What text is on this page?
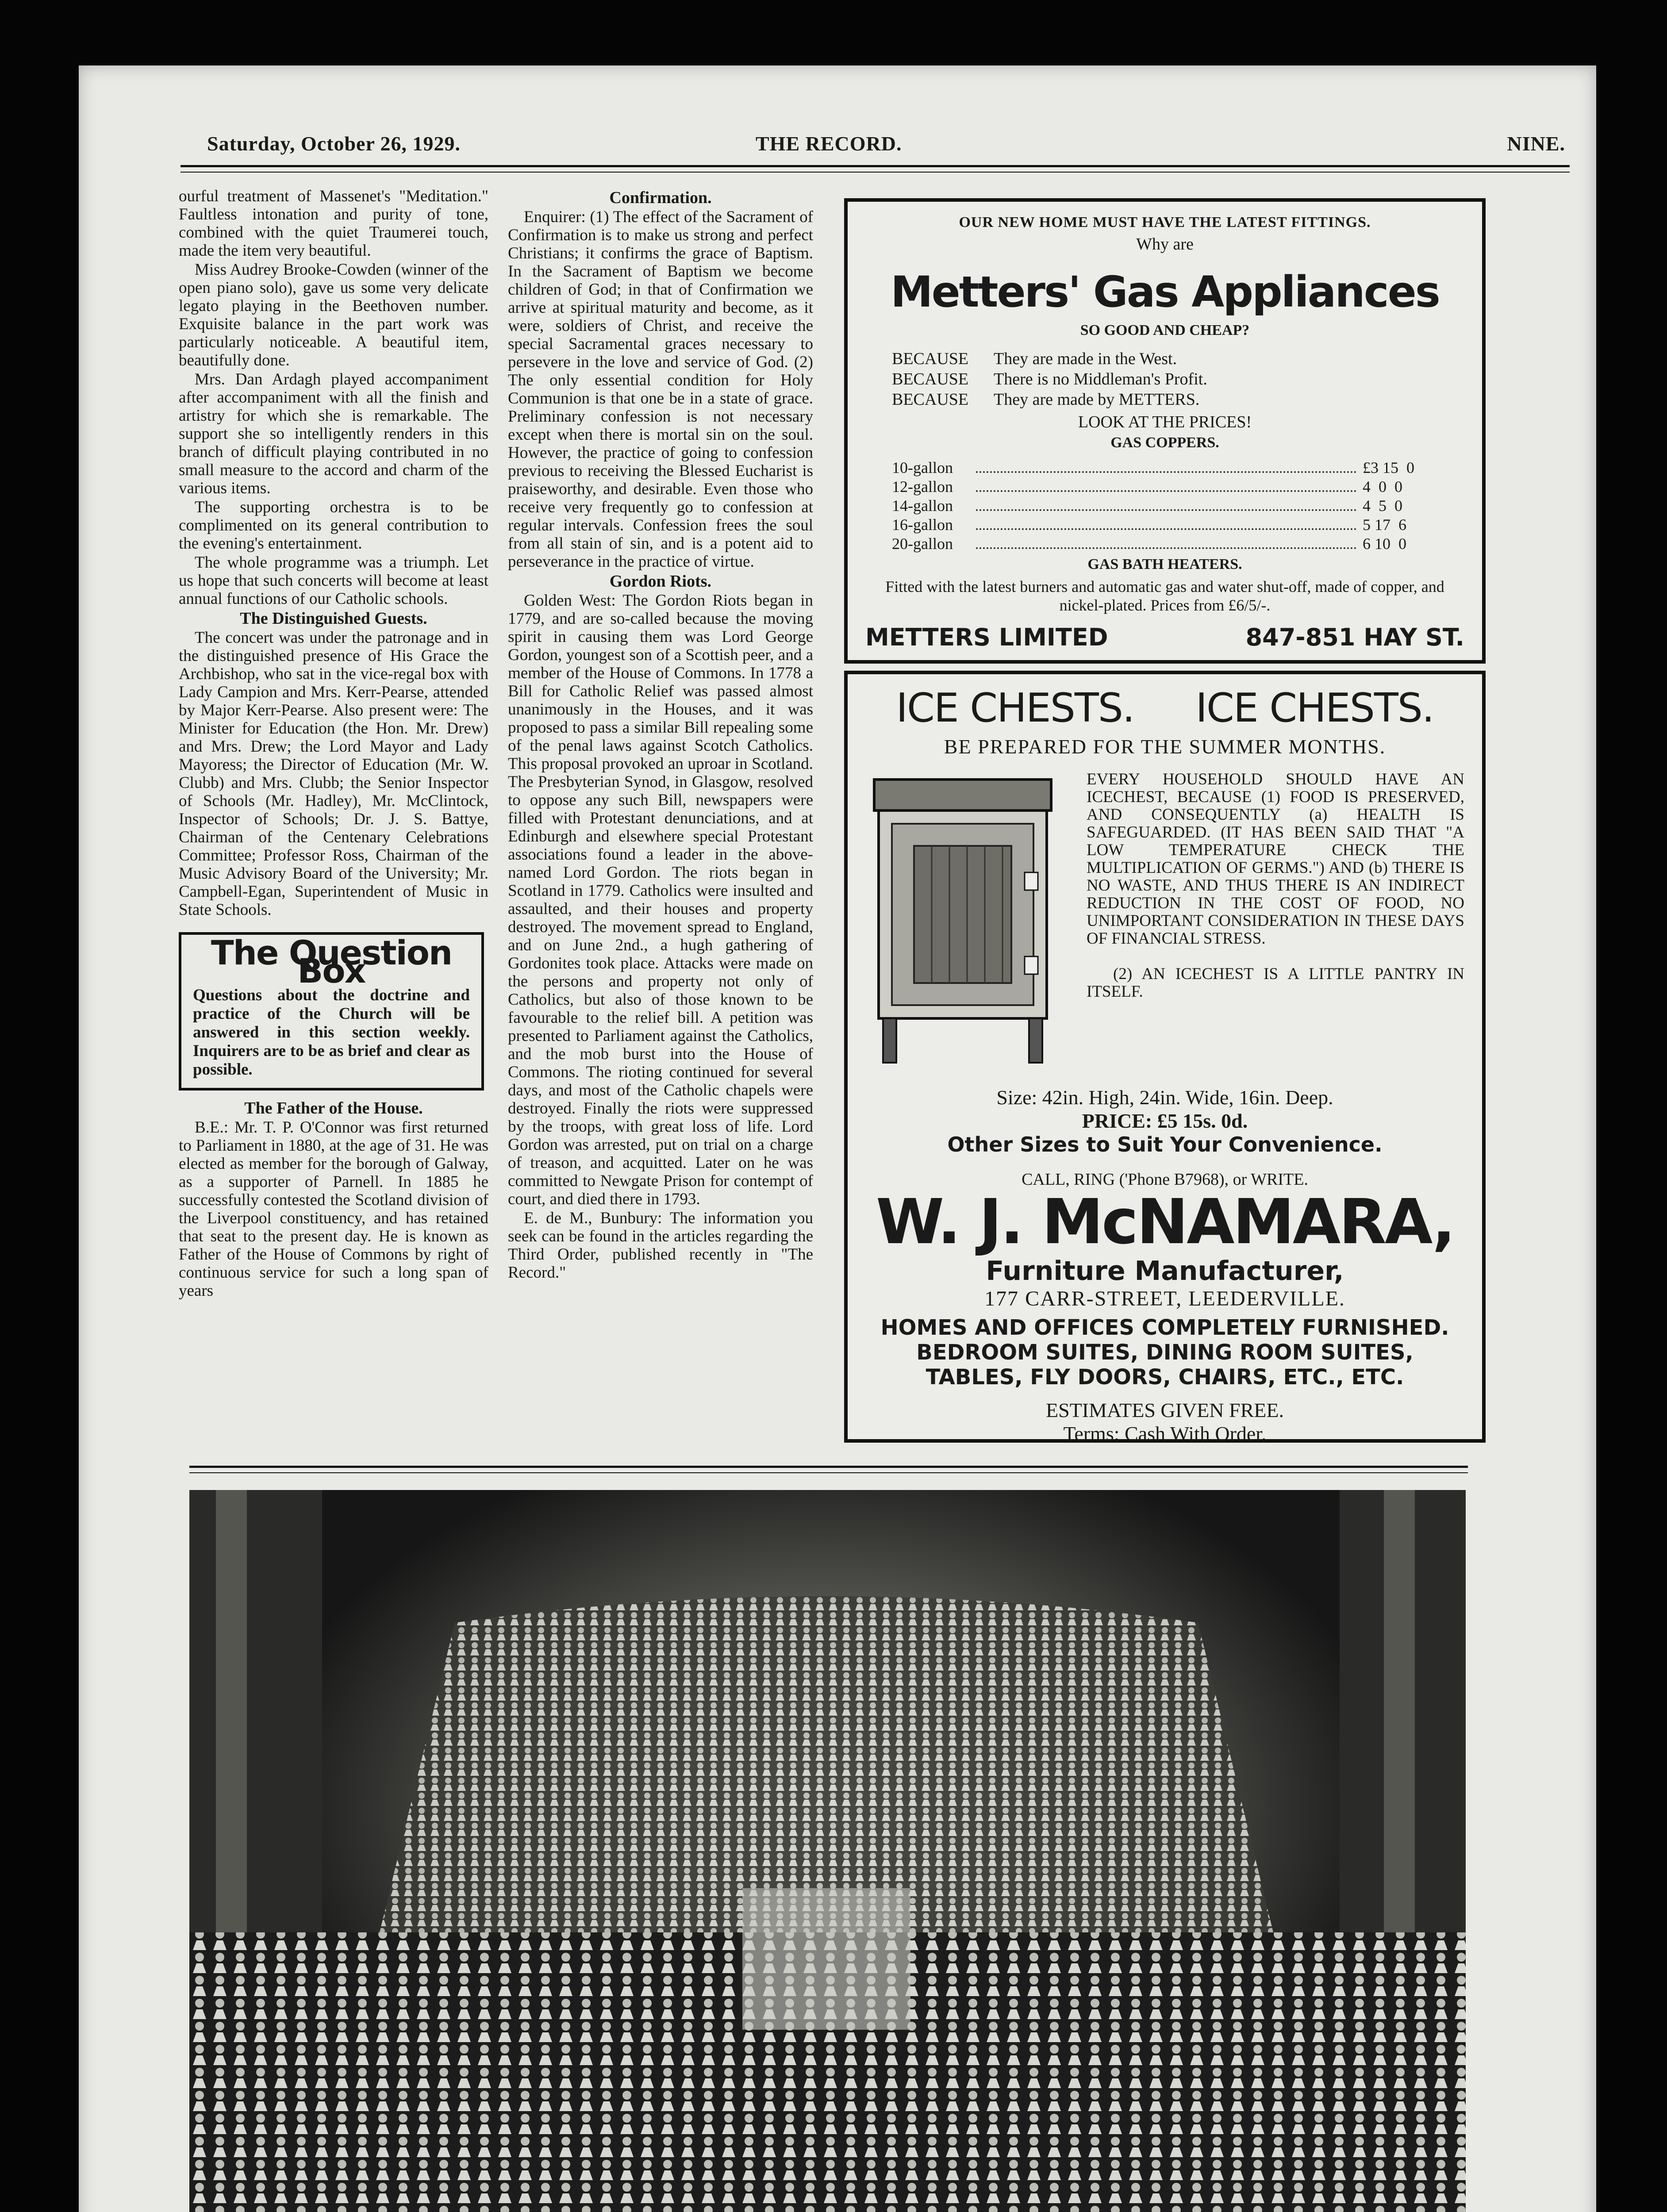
Saturday, October 26, 1929.	THE RECORD.	NINE.

ourful treatment of Massenet's "Meditation." Faultless intonation and purity of tone, combined with the quiet Traumerei touch, made the item very beautiful.

Miss Audrey Brooke-Cowden (winner of the open piano solo), gave us some very delicate legato playing in the Beethoven number. Exquisite balance in the part work was particularly noticeable. A beautiful item, beautifully done.

Mrs. Dan Ardagh played accompaniment after accompaniment with all the finish and artistry for which she is remarkable. The support she so intelligently renders in this branch of difficult playing contributed in no small measure to the accord and charm of the various items.

The supporting orchestra is to be complimented on its general contribution to the evening's entertainment.

The whole programme was a triumph. Let us hope that such concerts will become at least annual functions of our Catholic schools.

The Distinguished Guests.

The concert was under the patronage and in the distinguished presence of His Grace the Archbishop, who sat in the vice-regal box with Lady Campion and Mrs. Kerr-Pearse, attended by Major Kerr-Pearse. Also present were: The Minister for Education (the Hon. Mr. Drew) and Mrs. Drew; the Lord Mayor and Lady Mayoress; the Director of Education (Mr. W. Clubb) and Mrs. Clubb; the Senior Inspector of Schools (Mr. Hadley), Mr. McClintock, Inspector of Schools; Dr. J. S. Battye, Chairman of the Centenary Celebrations Committee; Professor Ross, Chairman of the Music Advisory Board of the University; Mr. Campbell-Egan, Superintendent of Music in State Schools.

The Question Box
Questions about the doctrine and practice of the Church will be answered in this section weekly. Inquirers are to be as brief and clear as possible.
The Father of the House.

B.E.: Mr. T. P. O'Connor was first returned to Parliament in 1880, at the age of 31. He was elected as member for the borough of Galway, as a supporter of Parnell. In 1885 he successfully contested the Scotland division of the Liverpool constituency, and has retained that seat to the present day. He is known as Father of the House of Commons by right of continuous service for such a long span of years

Confirmation.

Enquirer: (1) The effect of the Sacrament of Confirmation is to make us strong and perfect Christians; it confirms the grace of Baptism. In the Sacrament of Baptism we become children of God; in that of Confirmation we arrive at spiritual maturity and become, as it were, soldiers of Christ, and receive the special Sacramental graces necessary to persevere in the love and service of God. (2) The only essential condition for Holy Communion is that one be in a state of grace. Preliminary confession is not necessary except when there is mortal sin on the soul. However, the practice of going to confession previous to receiving the Blessed Eucharist is praiseworthy, and desirable. Even those who receive very frequently go to confession at regular intervals. Confession frees the soul from all stain of sin, and is a potent aid to perseverance in the practice of virtue.

Gordon Riots.

Golden West: The Gordon Riots began in 1779, and are so-called because the moving spirit in causing them was Lord George Gordon, youngest son of a Scottish peer, and a member of the House of Commons. In 1778 a Bill for Catholic Relief was passed almost unanimously in the Houses, and it was proposed to pass a similar Bill repealing some of the penal laws against Scotch Catholics. This proposal provoked an uproar in Scotland. The Presbyterian Synod, in Glasgow, resolved to oppose any such Bill, newspapers were filled with Protestant denunciations, and at Edinburgh and elsewhere special Protestant associations found a leader in the above-named Lord Gordon. The riots began in Scotland in 1779. Catholics were insulted and assaulted, and their houses and property destroyed. The movement spread to England, and on June 2nd., a hugh gathering of Gordonites took place. Attacks were made on the persons and property not only of Catholics, but also of those known to be favourable to the relief bill. A petition was presented to Parliament against the Catholics, and the mob burst into the House of Commons. The rioting continued for several days, and most of the Catholic chapels were destroyed. Finally the riots were suppressed by the troops, with great loss of life. Lord Gordon was arrested, put on trial on a charge of treason, and acquitted. Later on he was committed to Newgate Prison for contempt of court, and died there in 1793.

E. de M., Bunbury: The information you seek can be found in the articles regarding the Third Order, published recently in "The Record."

OUR NEW HOME MUST HAVE THE LATEST FITTINGS.
Why are
Metters' Gas Appliances
SO GOOD AND CHEAP?
BECAUSE	They are made in the West.
BECAUSE	There is no Middleman's Profit.
BECAUSE	They are made by METTERS.
LOOK AT THE PRICES!
GAS COPPERS.
10-gallon	£3 15  0
12-gallon	4  0  0
14-gallon	4  5  0
16-gallon	5 17  6
20-gallon	6 10  0
GAS BATH HEATERS.
Fitted with the latest burners and automatic gas and water shut-off, made of copper, and nickel-plated. Prices from £6/5/-.
METTERS LIMITED	847-851 HAY ST.
ICE CHESTS. ICE CHESTS.
BE PREPARED FOR THE SUMMER MONTHS.

EVERY HOUSEHOLD SHOULD HAVE AN ICECHEST, BECAUSE (1) FOOD IS PRESERVED, AND CONSEQUENTLY (a) HEALTH IS SAFEGUARDED. (IT HAS BEEN SAID THAT "A LOW TEMPERATURE CHECK THE MULTIPLICATION OF GERMS.") AND (b) THERE IS NO WASTE, AND THUS THERE IS AN INDIRECT REDUCTION IN THE COST OF FOOD, NO UNIMPORTANT CONSIDERATION IN THESE DAYS OF FINANCIAL STRESS.

(2) AN ICECHEST IS A LITTLE PANTRY IN ITSELF.

Size: 42in. High, 24in. Wide, 16in. Deep.
PRICE: £5 15s. 0d.
Other Sizes to Suit Your Convenience.
CALL, RING ('Phone B7968), or WRITE.
W. J. McNAMARA,
Furniture Manufacturer,
177 CARR-STREET, LEEDERVILLE.
HOMES AND OFFICES COMPLETELY FURNISHED.
BEDROOM SUITES, DINING ROOM SUITES, TABLES, FLY DOORS, CHAIRS, ETC., ETC.
ESTIMATES GIVEN FREE.
Terms: Cash With Order.
